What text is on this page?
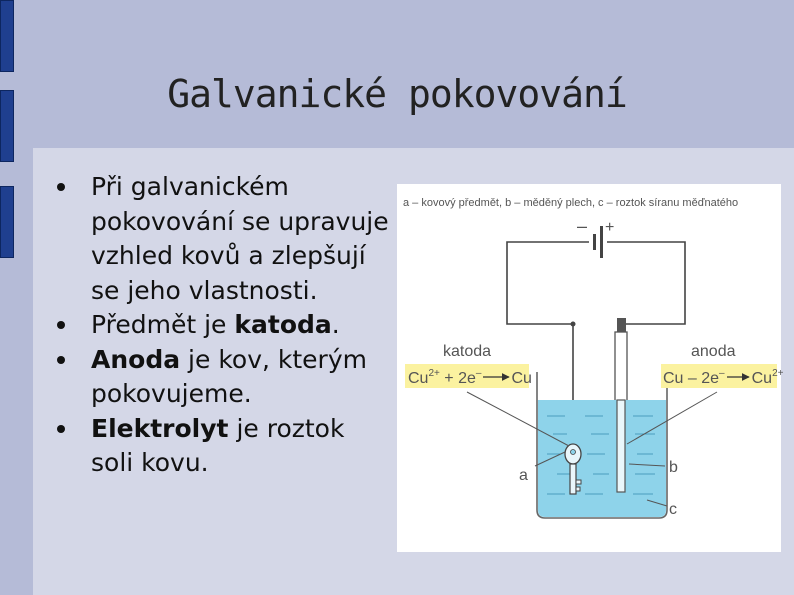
Galvanické pokovování
Při galvanickém pokovování se upravuje vzhled kovů a zlepšují se jeho vlastnosti.
Předmět je katoda.
Anoda je kov, kterým pokovujeme.
Elektrolyt je roztok soli kovu.
a – kovový předmět, b – měděný plech, c – roztok síranu měďnatého
– +
katoda	anoda
$Cu^{2+} + 2e^-$ Cu	Cu – 2e– $Cu^{2+}$
a	b
c
